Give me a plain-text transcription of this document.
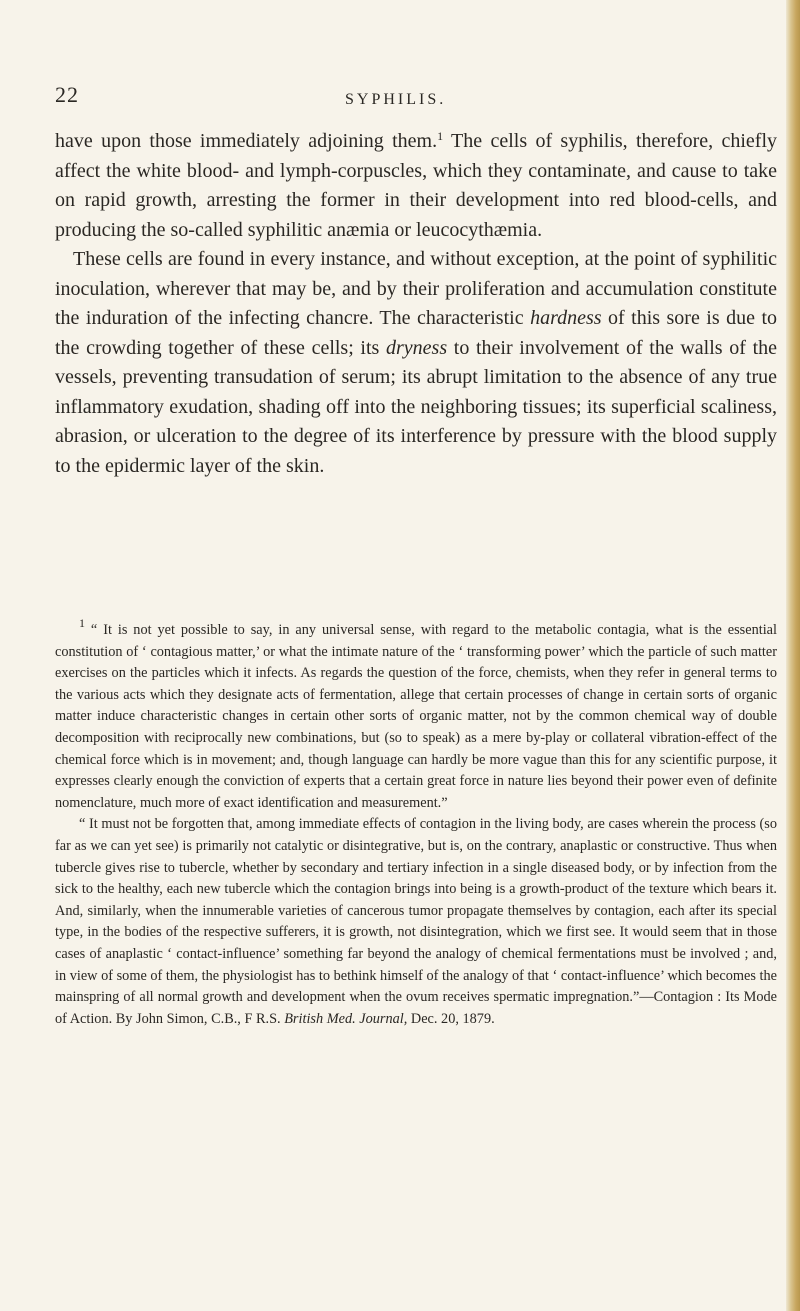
22	SYPHILIS.

have upon those immediately adjoining them.$^1$ The cells of syphilis, therefore, chiefly affect the white blood- and lymph-corpuscles, which they contaminate, and cause to take on rapid growth, arresting the former in their development into red blood-cells, and producing the so-called syphilitic anæmia or leucocythæmia.

These cells are found in every instance, and without exception, at the point of syphilitic inoculation, wherever that may be, and by their proliferation and accumulation constitute the induration of the infecting chancre. The characteristic hardness of this sore is due to the crowding together of these cells; its dryness to their involvement of the walls of the vessels, preventing transudation of serum; its abrupt limitation to the absence of any true inflammatory exudation, shading off into the neighboring tissues; its superficial scaliness, abrasion, or ulceration to the degree of its interference by pressure with the blood supply to the epidermic layer of the skin.

$^1$ “ It is not yet possible to say, in any universal sense, with regard to the metabolic contagia, what is the essential constitution of ‘ contagious matter,’ or what the intimate nature of the ‘ transforming power’ which the particle of such matter exercises on the particles which it infects. As regards the question of the force, chemists, when they refer in general terms to the various acts which they designate acts of fermentation, allege that certain processes of change in certain sorts of organic matter induce characteristic changes in certain other sorts of organic matter, not by the common chemical way of double decomposition with reciprocally new combinations, but (so to speak) as a mere by-play or collateral vibration-effect of the chemical force which is in movement; and, though language can hardly be more vague than this for any scientific purpose, it expresses clearly enough the conviction of experts that a certain great force in nature lies beyond their power even of definite nomenclature, much more of exact identification and measurement.”

“ It must not be forgotten that, among immediate effects of contagion in the living body, are cases wherein the process (so far as we can yet see) is primarily not catalytic or disintegrative, but is, on the contrary, anaplastic or constructive. Thus when tubercle gives rise to tubercle, whether by secondary and tertiary infection in a single diseased body, or by infection from the sick to the healthy, each new tubercle which the contagion brings into being is a growth-product of the texture which bears it. And, similarly, when the innumerable varieties of cancerous tumor propagate themselves by contagion, each after its special type, in the bodies of the respective sufferers, it is growth, not disintegration, which we first see. It would seem that in those cases of anaplastic ‘ contact-influence’ something far beyond the analogy of chemical fermentations must be involved ; and, in view of some of them, the physiologist has to bethink himself of the analogy of that ‘ contact-influence’ which becomes the mainspring of all normal growth and development when the ovum receives spermatic impregnation.”—Contagion : Its Mode of Action. By John Simon, C.B., F R.S. British Med. Journal, Dec. 20, 1879.
